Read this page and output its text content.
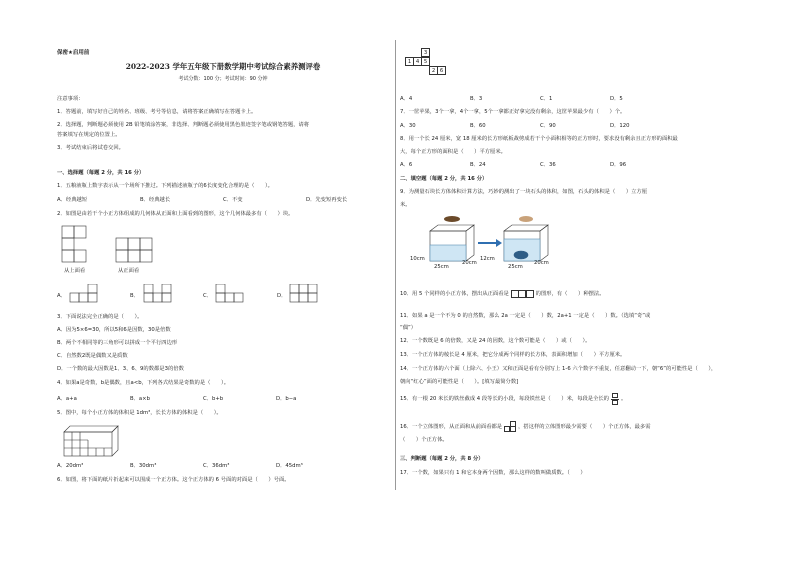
保密★启用前
2022-2023 学年五年级下册数学期中考试综合素养测评卷
考试分数：100 分；考试时间：90 分钟
注意事项：
1．答题前，填写好自己的姓名、班级、考号等信息，请将答案正确填写在答题卡上。
2．选择题，判断题必须使用 2B 铅笔填涂答案，非选择、判断题必须使用黑色墨迹签字笔或钢笔答题，请将
答案填写在规定的位置上。
3．考试结束后将试卷交回。
一、选择题（每题 2 分，共 16 分）
1．五粮液瓶上数字表示从一个场所下推过。下列描述液瓶子的6长度变化合理的是（　　）。
A．经典越短	B．经典越长	C．不变	D．先变短再变长
2．如图是由若干个小正方体组成的几何体从正面和上面看到的图形，这个几何体最多有（　　）块。
从上面看	从正面看
A．	B．	C．	D．
3．下面说法完全正确的是（　　）。
A．因为5×6=30，所以5和6是因数，30是倍数
B．两个不相同等的三角形可以拼成一个平行四边形
C．自然数2既是偶数又是质数
D．一个数的最大因数是1、3、6、9的数都是3的倍数
4．如果a是奇数，b是偶数，且a<b，下列各式结果是奇数的是（　　）。
A．a+a	B．a×b	C．b+b	D．b−a
5．图中，每个小正方体的体积是 1dm³，长长方体的体积是（　　）。
A．20dm³	B．30dm³	C．36dm³	D．45dm³
6．如图，将下面的纸片折起来可以围成一个正方体。这个正方体的 6 号面的对面是（　　）号面。
3
1 4 5
2 6
A．4	B．3	C．1	D．5
7．一筐苹果，3个一拿，4个一拿，5个一拿都正好拿完没有剩余，这筐苹果最少有（　　）个。
A．30	B．60	C．90	D．120
8．用一个长 24 厘米，宽 18 厘米的长方形纸板裁剪成若干个小面积相等的正方形时，要求没有剩余且正方形的面积最
大，每个正方形的面积是（　　）平方厘米。
A．6	B．24	C．36	D．96
二、填空题（每题 2 分，共 16 分）
9．为测量石块长方体体积计算方法，巧妙的测出了一块石头的体积，如图，石头的体积是（　　）立方厘
米。
10cm
25cm
20cm
12cm
25cm
20cm
10．用 5 个同样的小正方体，摆出从正面看是	的图形，有（　　）种摆法。
11．如果 a 是一个不为 0 的自然数，那么 2a 一定是（　　）数，2a+1 一定是（　　）数。（选填“奇”或
“偶”）
12．一个数既是 6 的倍数，又是 24 的因数，这个数可能是（　　）或（　　）。
13．一个正方体的棱长是 4 厘米，把它分成两个同样的长方体，表面积增加（　　）平方厘米。
14．一个正方体的六个面（上除六、小王）又和正面是看有分别写上 1-6 六个数字不重复，任意翻动一下，朝“6”的可能性是（　　），
朝向“红心”面的可能性是（　　）。[填写最简分数]
15．有一根 20 米长的铁丝截成 4 段等长的小段，每段铁丝是（　　）米，每段是全长的 。
16．一个立体图形，从正面和从前面看都是	，搭这样的立体图形最少需要（　　）个正方体，最多需
（　　）个正方体。
三、判断题（每题 2 分，共 8 分）
17．一个数，如果只有 1 和它本身两个因数，那么这样的数叫做质数。（　　）
